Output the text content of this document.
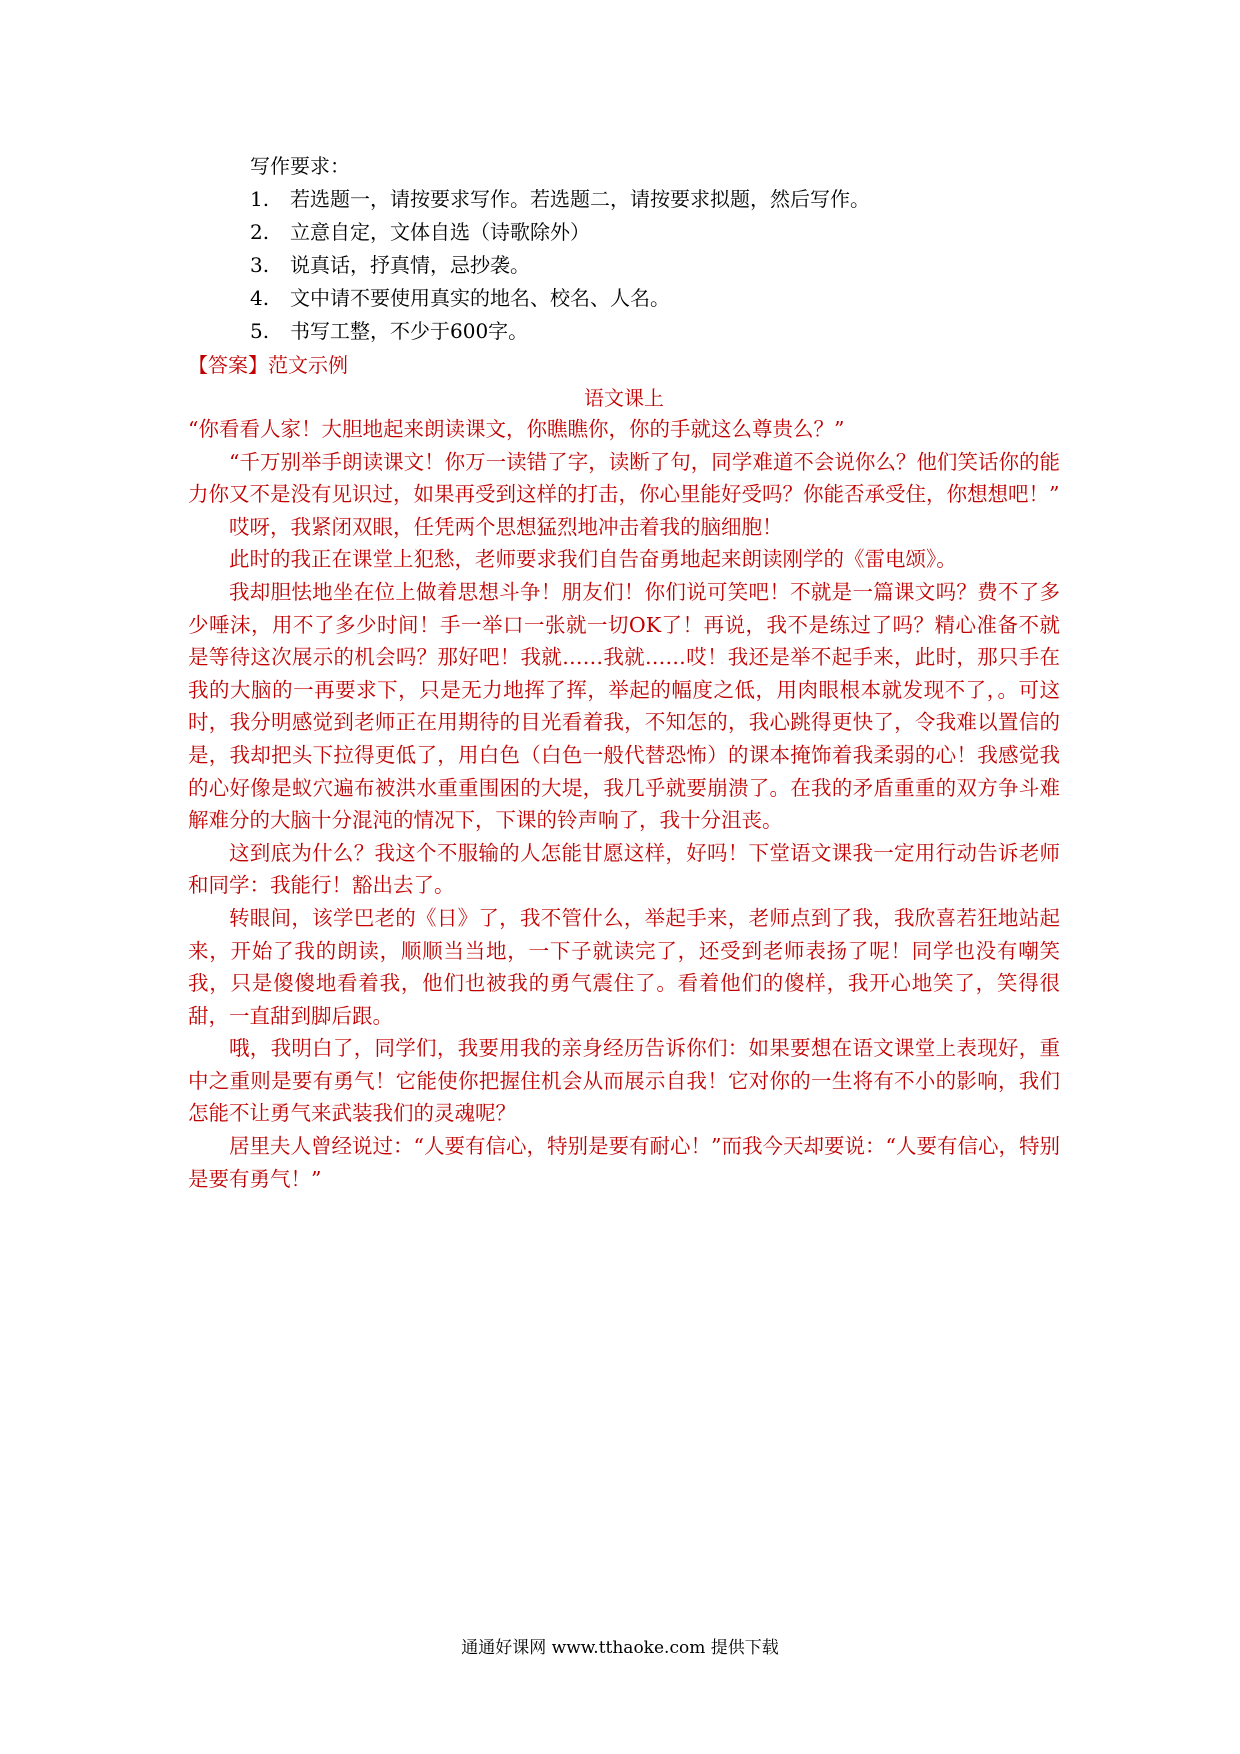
写作要求：

1.	若选题一，请按要求写作。若选题二，请按要求拟题，然后写作。
2.	立意自定，文体自选（诗歌除外）
3.	说真话，抒真情，忌抄袭。
4.	文中请不要使用真实的地名、校名、人名。
5.	书写工整，不少于600字。
【答案】范文示例
语文课上

“你看看人家！大胆地起来朗读课文，你瞧瞧你，你的手就这么尊贵么？”

“千万别举手朗读课文！你万一读错了字，读断了句，同学难道不会说你么？他们笑话你的能力你又不是没有见识过，如果再受到这样的打击，你心里能好受吗？你能否承受住，你想想吧！”

哎呀，我紧闭双眼，任凭两个思想猛烈地冲击着我的脑细胞！

此时的我正在课堂上犯愁，老师要求我们自告奋勇地起来朗读刚学的《雷电颂》。

我却胆怯地坐在位上做着思想斗争！朋友们！你们说可笑吧！不就是一篇课文吗？费不了多少唾沫，用不了多少时间！手一举口一张就一切OK了！再说，我不是练过了吗？精心准备不就是等待这次展示的机会吗？那好吧！我就……我就……哎！我还是举不起手来，此时，那只手在我的大脑的一再要求下，只是无力地挥了挥，举起的幅度之低，用肉眼根本就发现不了，。可这时，我分明感觉到老师正在用期待的目光看着我，不知怎的，我心跳得更快了，令我难以置信的是，我却把头下拉得更低了，用白色（白色一般代替恐怖）的课本掩饰着我柔弱的心！我感觉我的心好像是蚁穴遍布被洪水重重围困的大堤，我几乎就要崩溃了。在我的矛盾重重的双方争斗难解难分的大脑十分混沌的情况下，下课的铃声响了，我十分沮丧。

这到底为什么？我这个不服输的人怎能甘愿这样，好吗！下堂语文课我一定用行动告诉老师和同学：我能行！豁出去了。

转眼间，该学巴老的《日》了，我不管什么，举起手来，老师点到了我，我欣喜若狂地站起来，开始了我的朗读，顺顺当当地，一下子就读完了，还受到老师表扬了呢！同学也没有嘲笑我，只是傻傻地看着我，他们也被我的勇气震住了。看着他们的傻样，我开心地笑了，笑得很甜，一直甜到脚后跟。

哦，我明白了，同学们，我要用我的亲身经历告诉你们：如果要想在语文课堂上表现好，重中之重则是要有勇气！它能使你把握住机会从而展示自我！它对你的一生将有不小的影响，我们怎能不让勇气来武装我们的灵魂呢？

居里夫人曾经说过：“人要有信心，特别是要有耐心！”而我今天却要说：“人要有信心，特别是要有勇气！”

通通好课网 www.tthaoke.com 提供下载
